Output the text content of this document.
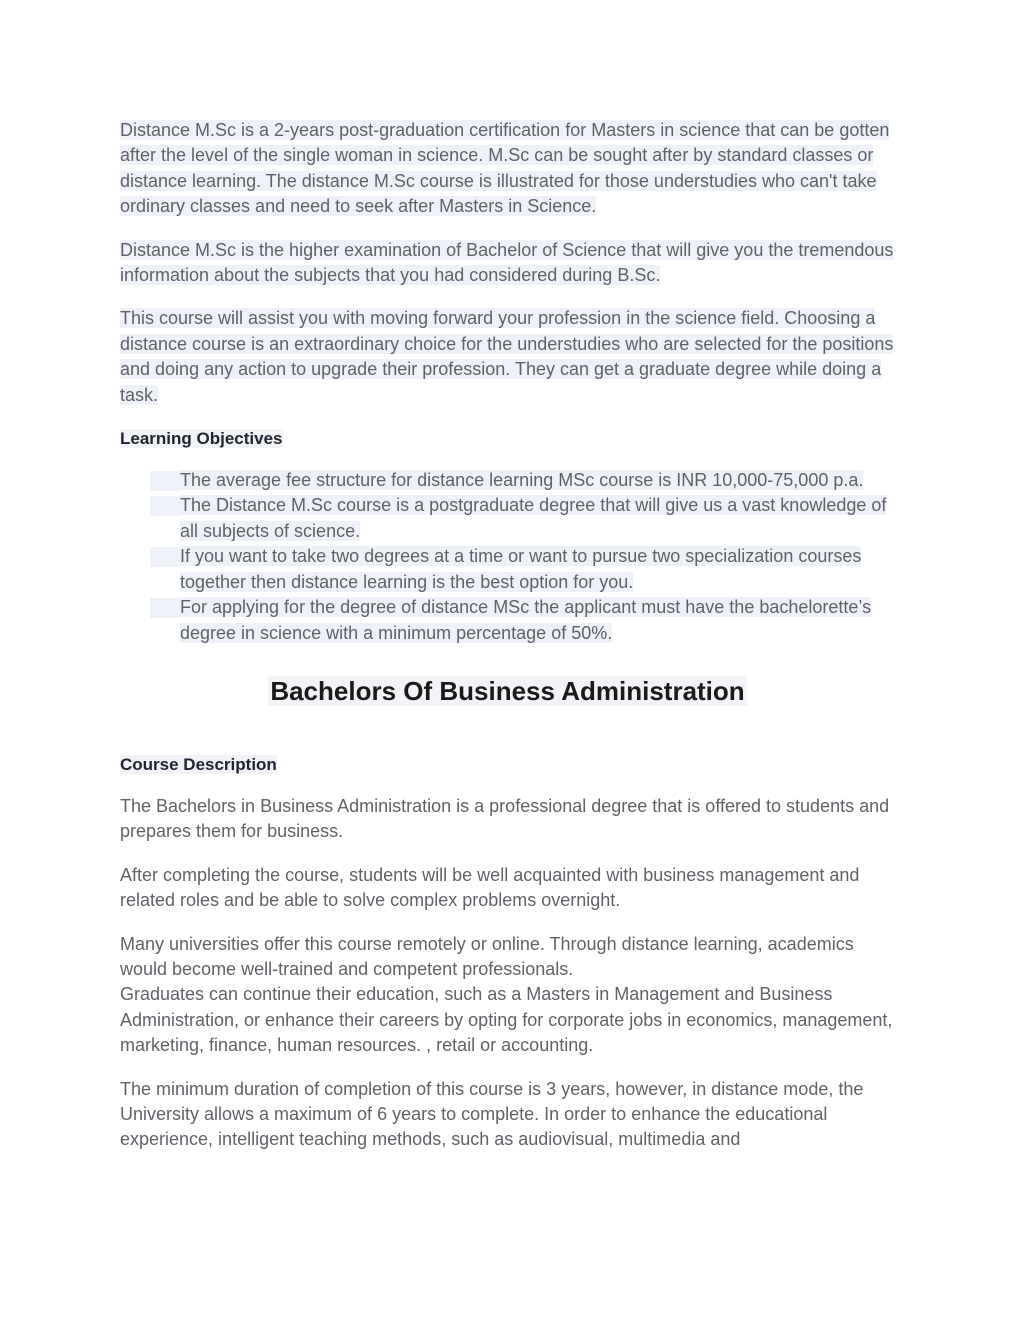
Distance M.Sc is a 2-years post-graduation certification for Masters in science that can be gotten after the level of the single woman in science. M.Sc can be sought after by standard classes or distance learning. The distance M.Sc course is illustrated for those understudies who can't take ordinary classes and need to seek after Masters in Science.

Distance M.Sc is the higher examination of Bachelor of Science that will give you the tremendous information about the subjects that you had considered during B.Sc.

This course will assist you with moving forward your profession in the science field. Choosing a distance course is an extraordinary choice for the understudies who are selected for the positions and doing any action to upgrade their profession. They can get a graduate degree while doing a task.

Learning Objectives
The average fee structure for distance learning MSc course is INR 10,000-75,000 p.a.
The Distance M.Sc course is a postgraduate degree that will give us a vast knowledge of all subjects of science.
If you want to take two degrees at a time or want to pursue two specialization courses together then distance learning is the best option for you.
For applying for the degree of distance MSc the applicant must have the bachelorette’s degree in science with a minimum percentage of 50%.
Bachelors Of Business Administration
Course Description

The Bachelors in Business Administration is a professional degree that is offered to students and prepares them for business.

After completing the course, students will be well acquainted with business management and related roles and be able to solve complex problems overnight.

Many universities offer this course remotely or online. Through distance learning, academics would become well-trained and competent professionals.
Graduates can continue their education, such as a Masters in Management and Business Administration, or enhance their careers by opting for corporate jobs in economics, management, marketing, finance, human resources. , retail or accounting.

The minimum duration of completion of this course is 3 years, however, in distance mode, the University allows a maximum of 6 years to complete. In order to enhance the educational experience, intelligent teaching methods, such as audiovisual, multimedia and
